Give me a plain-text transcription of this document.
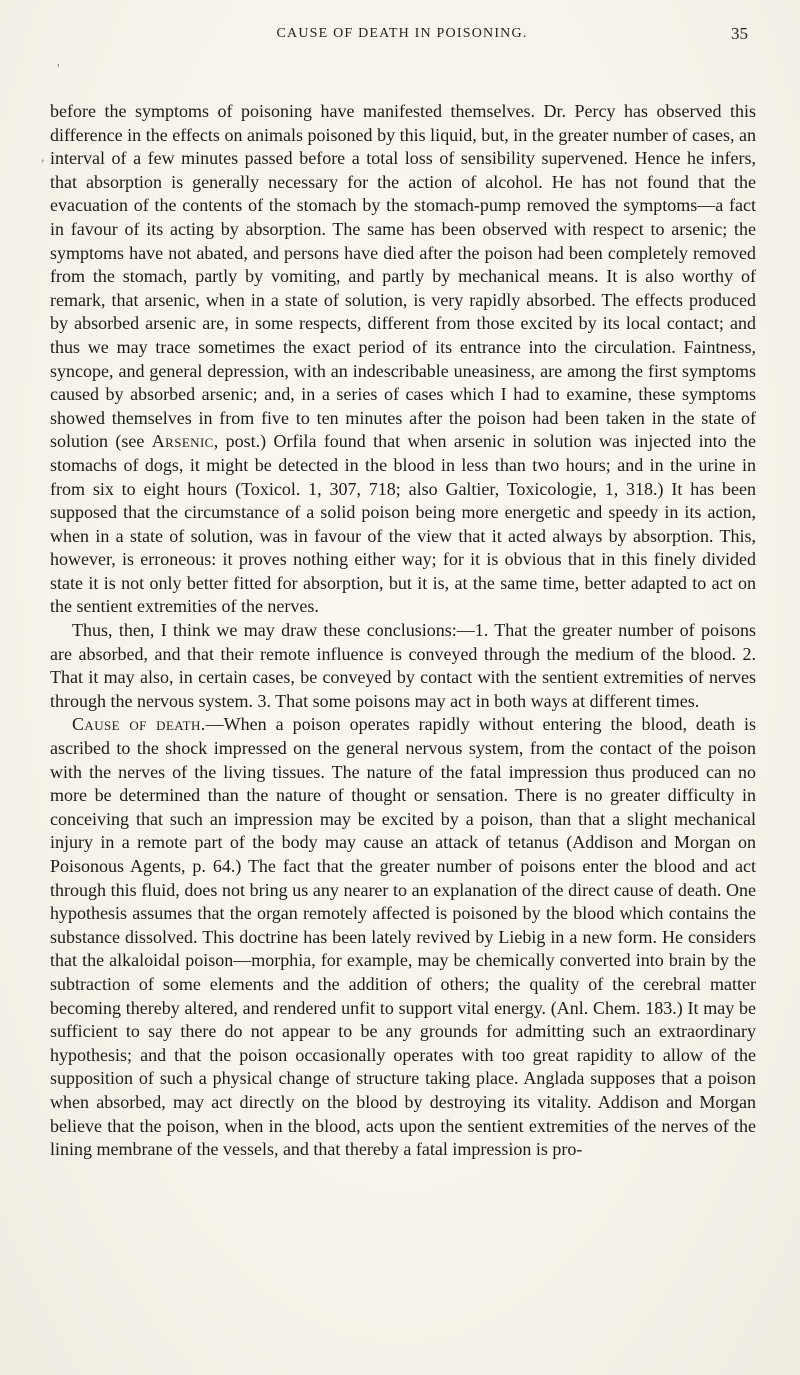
CAUSE OF DEATH IN POISONING.	35

before the symptoms of poisoning have manifested themselves. Dr. Percy has observed this difference in the effects on animals poisoned by this liquid, but, in the greater number of cases, an interval of a few minutes passed before a total loss of sensibility supervened. Hence he infers, that absorption is generally necessary for the action of alcohol. He has not found that the evacuation of the contents of the stomach by the stomach-pump removed the symptoms—a fact in favour of its acting by absorption. The same has been observed with respect to arsenic; the symptoms have not abated, and persons have died after the poison had been completely removed from the stomach, partly by vomiting, and partly by mechanical means. It is also worthy of remark, that arsenic, when in a state of solution, is very rapidly absorbed. The effects produced by absorbed arsenic are, in some respects, different from those excited by its local contact; and thus we may trace sometimes the exact period of its entrance into the circulation. Faintness, syncope, and general depression, with an indescribable uneasiness, are among the first symptoms caused by absorbed arsenic; and, in a series of cases which I had to examine, these symptoms showed themselves in from five to ten minutes after the poison had been taken in the state of solution (see Arsenic, post.) Orfila found that when arsenic in solution was injected into the stomachs of dogs, it might be detected in the blood in less than two hours; and in the urine in from six to eight hours (Toxicol. 1, 307, 718; also Galtier, Toxicologie, 1, 318.) It has been supposed that the circumstance of a solid poison being more energetic and speedy in its action, when in a state of solution, was in favour of the view that it acted always by absorption. This, however, is erroneous: it proves nothing either way; for it is obvious that in this finely divided state it is not only better fitted for absorption, but it is, at the same time, better adapted to act on the sentient extremities of the nerves.

Thus, then, I think we may draw these conclusions:—1. That the greater number of poisons are absorbed, and that their remote influence is conveyed through the medium of the blood. 2. That it may also, in certain cases, be conveyed by contact with the sentient extremities of nerves through the nervous system. 3. That some poisons may act in both ways at different times.

Cause of death.—When a poison operates rapidly without entering the blood, death is ascribed to the shock impressed on the general nervous system, from the contact of the poison with the nerves of the living tissues. The nature of the fatal impression thus produced can no more be determined than the nature of thought or sensation. There is no greater difficulty in conceiving that such an impression may be excited by a poison, than that a slight mechanical injury in a remote part of the body may cause an attack of tetanus (Addison and Morgan on Poisonous Agents, p. 64.) The fact that the greater number of poisons enter the blood and act through this fluid, does not bring us any nearer to an explanation of the direct cause of death. One hypothesis assumes that the organ remotely affected is poisoned by the blood which contains the substance dissolved. This doctrine has been lately revived by Liebig in a new form. He considers that the alkaloidal poison—morphia, for example, may be chemically converted into brain by the subtraction of some elements and the addition of others; the quality of the cerebral matter becoming thereby altered, and rendered unfit to support vital energy. (Anl. Chem. 183.) It may be sufficient to say there do not appear to be any grounds for admitting such an extraordinary hypothesis; and that the poison occasionally operates with too great rapidity to allow of the supposition of such a physical change of structure taking place. Anglada supposes that a poison when absorbed, may act directly on the blood by destroying its vitality. Addison and Morgan believe that the poison, when in the blood, acts upon the sentient extremities of the nerves of the lining membrane of the vessels, and that thereby a fatal impression is pro-

'
,
